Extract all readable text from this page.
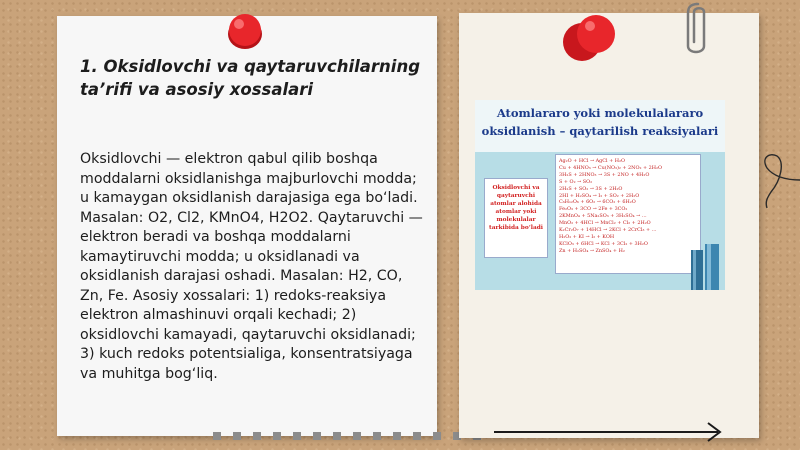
1. Oksidlovchi va qaytaruvchilarning ta’rifi va asosiy xossalari
Oksidlovchi — elektron qabul qilib boshqa moddalarni oksidlanishga majburlovchi modda; u kamaygan oksidlanish darajasiga ega bo‘ladi. Masalan: O2, Cl2, KMnO4, H2O2. Qaytaruvchi — elektron beradi va boshqa moddalarni kamaytiruvchi modda; u oksidlanadi va oksidlanish darajasi oshadi. Masalan: H2, CO, Zn, Fe. Asosiy xossalari: 1) redoks-reaksiya elektron almashinuvi orqali kechadi; 2) oksidlovchi kamayadi, qaytaruvchi oksidlanadi; 3) kuch redoks potentsialiga, konsentratsiyaga va muhitga bog‘liq.
Atomlararo yoki molekulalararo
oksidlanish – qaytarilish reaksiyalari
Oksidlovchi va qaytaruvchi atomlar alohida atomlar yoki molekulalar tarkibida bo‘ladi
Ag₂O + HCl → AgCl + H₂O
Cu + 4HNO₃ → Cu(NO₃)₂ + 2NO₂ + 2H₂O
3H₂S + 2HNO₃ → 3S + 2NO + 4H₂O
S + O₂ → SO₂
2H₂S + SO₂ → 3S + 2H₂O
2HI + H₂SO₄ → I₂ + SO₂ + 2H₂O
C₆H₁₂O₆ + 6O₂ → 6CO₂ + 6H₂O
Fe₂O₃ + 3CO → 2Fe + 3CO₂
2KMnO₄ + 5Na₂SO₃ + 3H₂SO₄ → …
MnO₂ + 4HCl → MnCl₂ + Cl₂ + 2H₂O
K₂Cr₂O₇ + 14HCl → 2KCl + 2CrCl₃ + …
H₂O₂ + KI → I₂ + KOH
KClO₃ + 6HCl → KCl + 3Cl₂ + 3H₂O
Zn + H₂SO₄ → ZnSO₄ + H₂
